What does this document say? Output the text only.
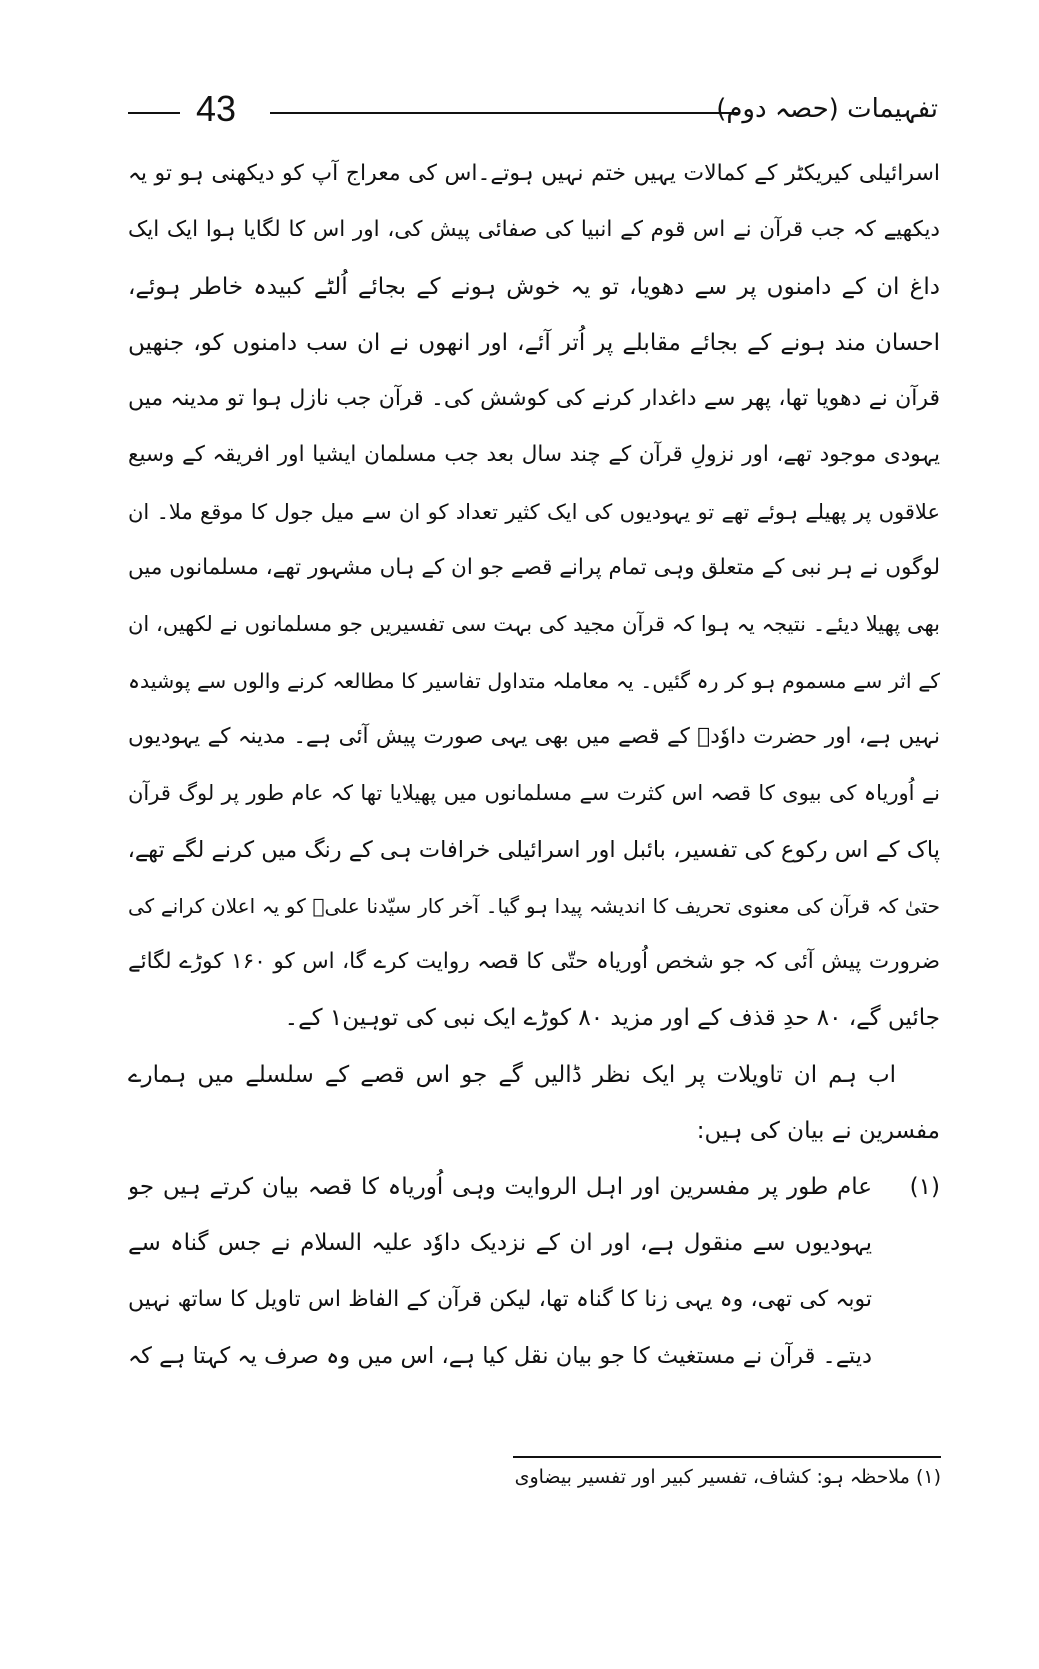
43	تفہیمات (حصہ دوم)
اسرائیلی کیریکٹر کے کمالات یہیں ختم نہیں ہوتے۔اس کی معراج آپ کو دیکھنی ہو تو یہ
دیکھیے کہ جب قرآن نے اس قوم کے انبیا کی صفائی پیش کی، اور اس کا لگایا ہوا ایک ایک
داغ ان کے دامنوں پر سے دھویا، تو یہ خوش ہونے کے بجائے اُلٹے کبیدہ خاطر ہوئے،
احسان مند ہونے کے بجائے مقابلے پر اُتر آئے، اور انھوں نے ان سب دامنوں کو، جنھیں
قرآن نے دھویا تھا، پھر سے داغدار کرنے کی کوشش کی۔ قرآن جب نازل ہوا تو مدینہ میں
یہودی موجود تھے، اور نزولِ قرآن کے چند سال بعد جب مسلمان ایشیا اور افریقہ کے وسیع
علاقوں پر پھیلے ہوئے تھے تو یہودیوں کی ایک کثیر تعداد کو ان سے میل جول کا موقع ملا۔ ان
لوگوں نے ہر نبی کے متعلق وہی تمام پرانے قصے جو ان کے ہاں مشہور تھے، مسلمانوں میں
بھی پھیلا دیئے۔ نتیجہ یہ ہوا کہ قرآن مجید کی بہت سی تفسیریں جو مسلمانوں نے لکھیں، ان
کے اثر سے مسموم ہو کر رہ گئیں۔ یہ معاملہ متداول تفاسیر کا مطالعہ کرنے والوں سے پوشیدہ
نہیں ہے، اور حضرت داوٗدؑ کے قصے میں بھی یہی صورت پیش آئی ہے۔ مدینہ کے یہودیوں
نے اُوریاہ کی بیوی کا قصہ اس کثرت سے مسلمانوں میں پھیلایا تھا کہ عام طور پر لوگ قرآن
پاک کے اس رکوع کی تفسیر، بائبل اور اسرائیلی خرافات ہی کے رنگ میں کرنے لگے تھے،
حتیٰ کہ قرآن کی معنوی تحریف کا اندیشہ پیدا ہو گیا۔ آخر کار سیّدنا علیؓ کو یہ اعلان کرانے کی
ضرورت پیش آئی کہ جو شخص اُوریاہ حتّی کا قصہ روایت کرے گا، اس کو ۱۶۰ کوڑے لگائے
جائیں گے، ۸۰ حدِ قذف کے اور مزید ۸۰ کوڑے ایک نبی کی توہین۱ کے۔
اب ہم ان تاویلات پر ایک نظر ڈالیں گے جو اس قصے کے سلسلے میں ہمارے
مفسرین نے بیان کی ہیں:
(۱)
عام طور پر مفسرین اور اہل الروایت وہی اُوریاہ کا قصہ بیان کرتے ہیں جو
یہودیوں سے منقول ہے، اور ان کے نزدیک داوٗد علیہ السلام نے جس گناہ سے
توبہ کی تھی، وہ یہی زنا کا گناہ تھا، لیکن قرآن کے الفاظ اس تاویل کا ساتھ نہیں
دیتے۔ قرآن نے مستغیث کا جو بیان نقل کیا ہے، اس میں وہ صرف یہ کہتا ہے کہ
(۱) ملاحظہ ہو: کشاف، تفسیر کبیر اور تفسیر بیضاوی
